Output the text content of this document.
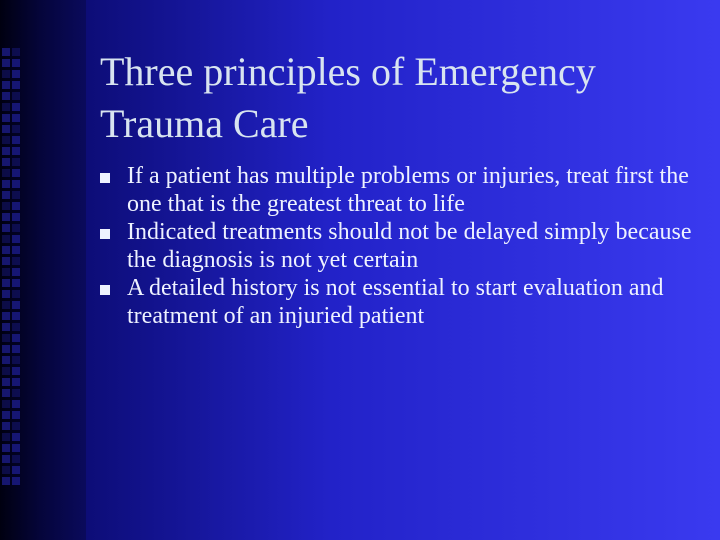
Three principles of Emergency Trauma Care
If a patient has multiple problems or injuries, treat first the one that is the greatest threat to life
Indicated treatments should not be delayed simply because the diagnosis is not yet certain
A detailed history is not essential to start evaluation and treatment of an injuried patient
